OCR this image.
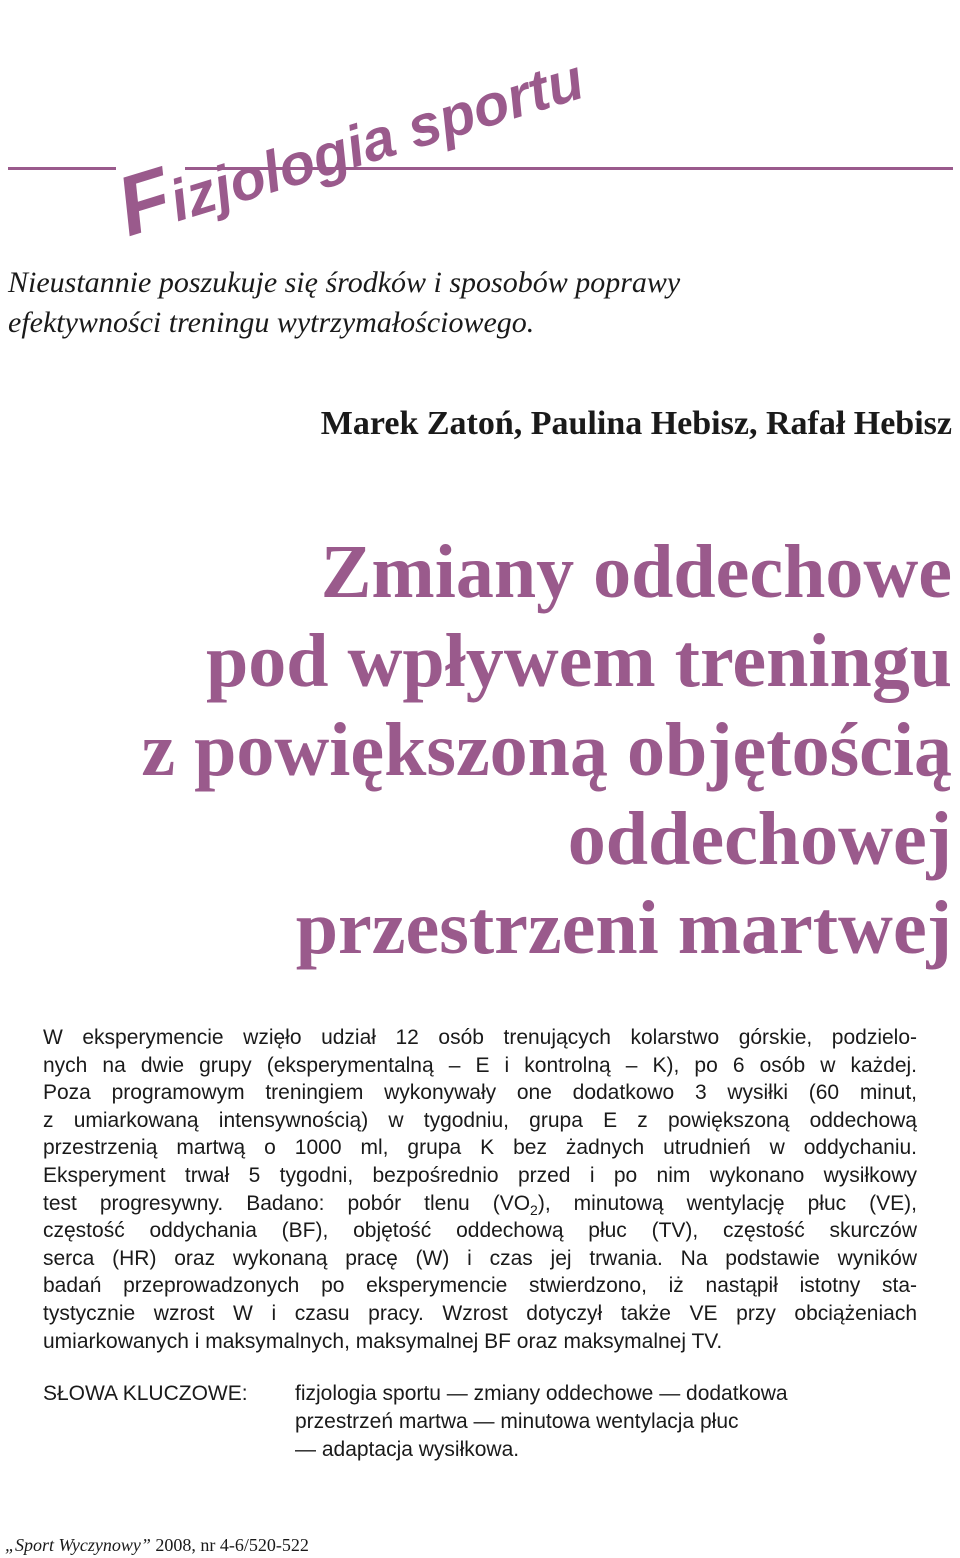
Fizjologia sportu
Nieustannie poszukuje się środków i sposobów poprawy
efektywności treningu wytrzymałościowego.
Marek Zatoń, Paulina Hebisz, Rafał Hebisz
Zmiany oddechowe
pod wpływem treningu
z powiększoną objętością
oddechowej
przestrzeni martwej
W eksperymencie wzięło udział 12 osób trenujących kolarstwo górskie, podzielo-
nych na dwie grupy (eksperymentalną – E i kontrolną – K), po 6 osób w każdej.
Poza programowym treningiem wykonywały one dodatkowo 3 wysiłki (60 minut,
z umiarkowaną intensywnością) w tygodniu, grupa E z powiększoną oddechową
przestrzenią martwą o 1000 ml, grupa K bez żadnych utrudnień w oddychaniu.
Eksperyment trwał 5 tygodni, bezpośrednio przed i po nim wykonano wysiłkowy
test progresywny. Badano: pobór tlenu $(VO_2)$, minutową wentylację płuc (VE),
częstość oddychania (BF), objętość oddechową płuc (TV), częstość skurczów
serca (HR) oraz wykonaną pracę (W) i czas jej trwania. Na podstawie wyników
badań przeprowadzonych po eksperymencie stwierdzono, iż nastąpił istotny sta-
tystycznie wzrost W i czasu pracy. Wzrost dotyczył także VE przy obciążeniach
umiarkowanych i maksymalnych, maksymalnej BF oraz maksymalnej TV.
SŁOWA KLUCZOWE: fizjologia sportu — zmiany oddechowe — dodatkowa
przestrzeń martwa — minutowa wentylacja płuc
— adaptacja wysiłkowa.
„Sport Wyczynowy” 2008, nr 4-6/520-522
